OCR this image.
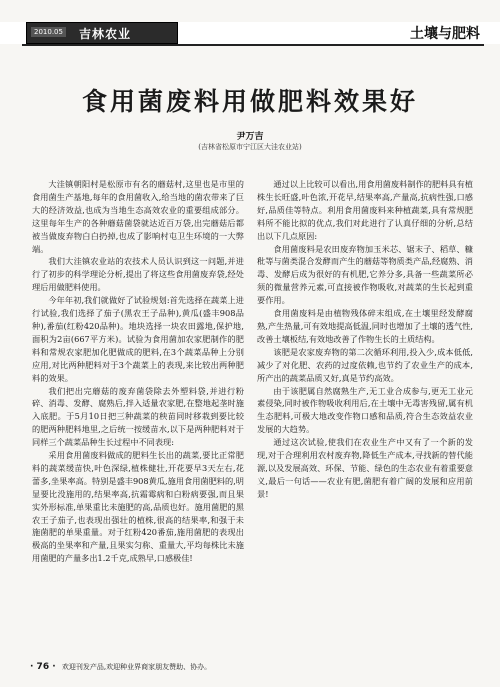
2010.05 吉林农业	土壤与肥料
食用菌废料用做肥料效果好
尹万吉
(吉林省松原市宁江区大洼农业站)

大洼镇朝阳村是松原市有名的蘑菇村,这里也是市里的食用菌生产基地,每年的食用菌收入,给当地的菌农带来了巨大的经济效益,也成为当地生态高效农业的重要组成部分。这里每年生产的各种蘑菇菌袋就达近百万袋,出完蘑菇后都被当做废弃物白白扔掉,也成了影响村屯卫生环境的一大弊端。

我们大洼镇农业站的农技术人员认识到这一问题,并进行了初步的科学理论分析,提出了将这些食用菌废弃袋,经处理后用做肥料使用。

今年年初,我们就做好了试验规划:首先选择在蔬菜上进行试验,我们选择了茄子(黑农王子品种),黄瓜(盛丰908品种),番茄(红粉420品种)。地块选择一块农田露地,保护地,面积为2亩(667平方米)。试验为食用菌加农家肥制作的肥料和常规农家肥加化肥做成的肥料,在3个蔬菜品种上分别应用,对比两种肥料对于3个蔬菜上的表现,来比较出两种肥料的效果。

我们把出完蘑菇的废弃菌袋除去外塑料袋,并进行粉碎、消毒、发酵、腐熟后,拌入适量农家肥,在整地起垄时施入底肥。于5月10日把三种蔬菜的秧苗同时移栽到要比较的肥两种肥料地里,之后统一按缓苗水,以下是两种肥料对于同样三个蔬菜品种生长过程中不同表现:

采用食用菌废料做成的肥料生长出的蔬菜,要比正常肥料的蔬菜缓苗快,叶色深绿,植株健壮,开花要早3天左右,花蕾多,坐果率高。特别是盛丰908黄瓜,施用食用菌肥料的,明显要比没施用的,结果率高,抗霜霉病和白粉病要强,而且果实外形标准,单果重比未施肥的高,品质也好。施用菌肥的黑农王子茄子,也表现出强壮的植株,很高的结果率,和强于未施菌肥的单果重量。对于红粉420番茄,施用菌肥的表现出极高的坐果率和产量,且果实匀称、重量大,平均每株比未施用菌肥的产量多出1.2千克,成熟早,口感极佳!

通过以上比较可以看出,用食用菌废料制作的肥料具有植株生长旺盛,叶色浓,开花早,结果率高,产量高,抗病性强,口感好,品质佳等特点。利用食用菌废料来种植蔬菜,具有常规肥料所不能比拟的优点,我们对此进行了认真仔细的分析,总结出以下几点原因:

食用菌废料是农田废弃物加玉米芯、锯末子、稻草、糠秕等与菌类混合发酵而产生的蘑菇等物质类产品,经腐熟、消毒、发酵后成为很好的有机肥,它养分多,具备一些蔬菜所必须的微量营养元素,可直接被作物吸收,对蔬菜的生长起到重要作用。

食用菌废料是由植物残体碎末组成,在土壤里经发酵腐熟,产生热量,可有效地提高低温,同时也增加了土壤的透气性,改善土壤板结,有效地改善了作物生长的土质结构。

该肥是农家废弃物的第二次循环利用,投入少,成本低低,减少了对化肥、农药的过度依赖,也节约了农业生产的成本,所产出的蔬菜品质又好,真是节约高效。

由于该肥属自然腐熟生产,无工业合成参与,更无工业元素侵染,同时被作物吸收利用后,在土壤中无毒害残留,属有机生态肥料,可极大地改变作物口感和品质,符合生态效益农业发展的大趋势。

通过这次试验,使我们在农业生产中又有了一个新的发现,对于合理利用农村废弃物,降低生产成本,寻找新的替代能源,以及发展高效、环保、节能、绿色的生态农业有着重要意义,最后一句话——农业有肥,菌肥有着广阔的发展和应用前景!

· 76 · 欢迎刊发产品,欢迎种业界商家朋友赞助、协办。
